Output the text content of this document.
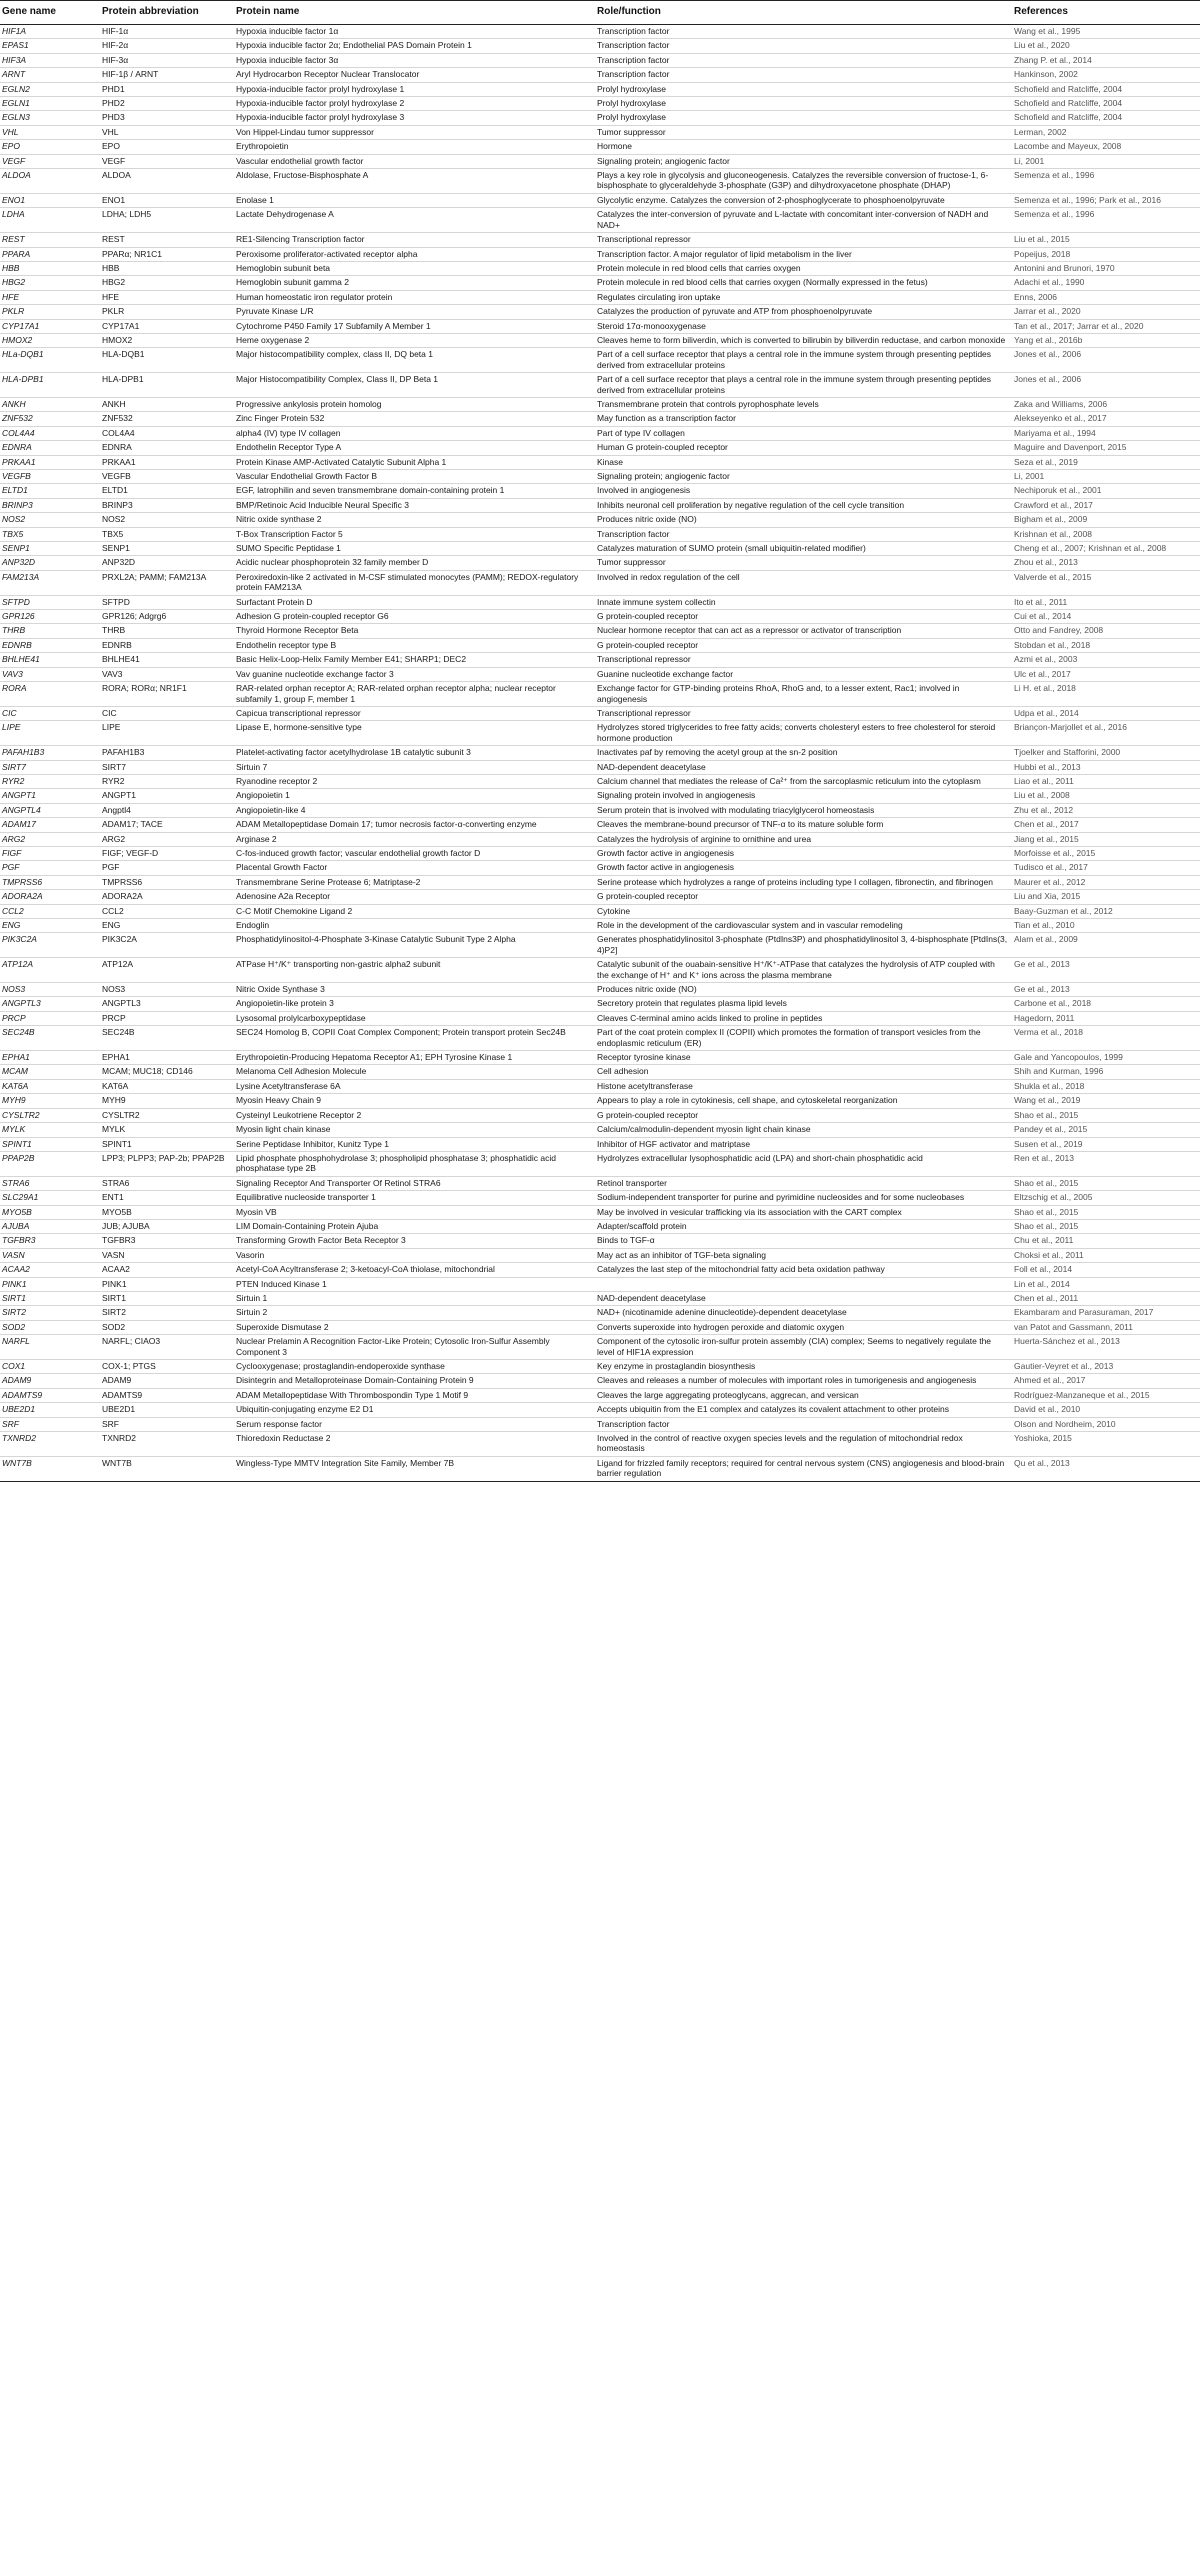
Gene name	Protein abbreviation	Protein name	Role/function	References
HIF1A	HIF-1α	Hypoxia inducible factor 1α	Transcription factor	Wang et al., 1995
EPAS1	HIF-2α	Hypoxia inducible factor 2α; Endothelial PAS Domain Protein 1	Transcription factor	Liu et al., 2020
HIF3A	HIF-3α	Hypoxia inducible factor 3α	Transcription factor	Zhang P. et al., 2014
ARNT	HIF-1β / ARNT	Aryl Hydrocarbon Receptor Nuclear Translocator	Transcription factor	Hankinson, 2002
EGLN2	PHD1	Hypoxia-inducible factor prolyl hydroxylase 1	Prolyl hydroxylase	Schofield and Ratcliffe, 2004
EGLN1	PHD2	Hypoxia-inducible factor prolyl hydroxylase 2	Prolyl hydroxylase	Schofield and Ratcliffe, 2004
EGLN3	PHD3	Hypoxia-inducible factor prolyl hydroxylase 3	Prolyl hydroxylase	Schofield and Ratcliffe, 2004
VHL	VHL	Von Hippel-Lindau tumor suppressor	Tumor suppressor	Lerman, 2002
EPO	EPO	Erythropoietin	Hormone	Lacombe and Mayeux, 2008
VEGF	VEGF	Vascular endothelial growth factor	Signaling protein; angiogenic factor	Li, 2001
ALDOA	ALDOA	Aldolase, Fructose-Bisphosphate A	Plays a key role in glycolysis and gluconeogenesis. Catalyzes the reversible conversion of fructose-1, 6-bisphosphate to glyceraldehyde 3-phosphate (G3P) and dihydroxyacetone phosphate (DHAP)	Semenza et al., 1996
ENO1	ENO1	Enolase 1	Glycolytic enzyme. Catalyzes the conversion of 2-phosphoglycerate to phosphoenolpyruvate	Semenza et al., 1996; Park et al., 2016
LDHA	LDHA; LDH5	Lactate Dehydrogenase A	Catalyzes the inter-conversion of pyruvate and L-lactate with concomitant inter-conversion of NADH and NAD+	Semenza et al., 1996
REST	REST	RE1-Silencing Transcription factor	Transcriptional repressor	Liu et al., 2015
PPARA	PPARα; NR1C1	Peroxisome proliferator-activated receptor alpha	Transcription factor. A major regulator of lipid metabolism in the liver	Popeijus, 2018
HBB	HBB	Hemoglobin subunit beta	Protein molecule in red blood cells that carries oxygen	Antonini and Brunori, 1970
HBG2	HBG2	Hemoglobin subunit gamma 2	Protein molecule in red blood cells that carries oxygen (Normally expressed in the fetus)	Adachi et al., 1990
HFE	HFE	Human homeostatic iron regulator protein	Regulates circulating iron uptake	Enns, 2006
PKLR	PKLR	Pyruvate Kinase L/R	Catalyzes the production of pyruvate and ATP from phosphoenolpyruvate	Jarrar et al., 2020
CYP17A1	CYP17A1	Cytochrome P450 Family 17 Subfamily A Member 1	Steroid 17α-monooxygenase	Tan et al., 2017; Jarrar et al., 2020
HMOX2	HMOX2	Heme oxygenase 2	Cleaves heme to form biliverdin, which is converted to bilirubin by biliverdin reductase, and carbon monoxide	Yang et al., 2016b
HLa-DQB1	HLA-DQB1	Major histocompatibility complex, class II, DQ beta 1	Part of a cell surface receptor that plays a central role in the immune system through presenting peptides derived from extracellular proteins	Jones et al., 2006
HLA-DPB1	HLA-DPB1	Major Histocompatibility Complex, Class II, DP Beta 1	Part of a cell surface receptor that plays a central role in the immune system through presenting peptides derived from extracellular proteins	Jones et al., 2006
ANKH	ANKH	Progressive ankylosis protein homolog	Transmembrane protein that controls pyrophosphate levels	Zaka and Williams, 2006
ZNF532	ZNF532	Zinc Finger Protein 532	May function as a transcription factor	Alekseyenko et al., 2017
COL4A4	COL4A4	alpha4 (IV) type IV collagen	Part of type IV collagen	Mariyama et al., 1994
EDNRA	EDNRA	Endothelin Receptor Type A	Human G protein-coupled receptor	Maguire and Davenport, 2015
PRKAA1	PRKAA1	Protein Kinase AMP-Activated Catalytic Subunit Alpha 1	Kinase	Seza et al., 2019
VEGFB	VEGFB	Vascular Endothelial Growth Factor B	Signaling protein; angiogenic factor	Li, 2001
ELTD1	ELTD1	EGF, latrophilin and seven transmembrane domain-containing protein 1	Involved in angiogenesis	Nechiporuk et al., 2001
BRINP3	BRINP3	BMP/Retinoic Acid Inducible Neural Specific 3	Inhibits neuronal cell proliferation by negative regulation of the cell cycle transition	Crawford et al., 2017
NOS2	NOS2	Nitric oxide synthase 2	Produces nitric oxide (NO)	Bigham et al., 2009
TBX5	TBX5	T-Box Transcription Factor 5	Transcription factor	Krishnan et al., 2008
SENP1	SENP1	SUMO Specific Peptidase 1	Catalyzes maturation of SUMO protein (small ubiquitin-related modifier)	Cheng et al., 2007; Krishnan et al., 2008
ANP32D	ANP32D	Acidic nuclear phosphoprotein 32 family member D	Tumor suppressor	Zhou et al., 2013
FAM213A	PRXL2A; PAMM; FAM213A	Peroxiredoxin-like 2 activated in M-CSF stimulated monocytes (PAMM); REDOX-regulatory protein FAM213A	Involved in redox regulation of the cell	Valverde et al., 2015
SFTPD	SFTPD	Surfactant Protein D	Innate immune system collectin	Ito et al., 2011
GPR126	GPR126; Adgrg6	Adhesion G protein-coupled receptor G6	G protein-coupled receptor	Cui et al., 2014
THRB	THRB	Thyroid Hormone Receptor Beta	Nuclear hormone receptor that can act as a repressor or activator of transcription	Otto and Fandrey, 2008
EDNRB	EDNRB	Endothelin receptor type B	G protein-coupled receptor	Stobdan et al., 2018
BHLHE41	BHLHE41	Basic Helix-Loop-Helix Family Member E41; SHARP1; DEC2	Transcriptional repressor	Azmi et al., 2003
VAV3	VAV3	Vav guanine nucleotide exchange factor 3	Guanine nucleotide exchange factor	Ulc et al., 2017
RORA	RORA; RORα; NR1F1	RAR-related orphan receptor A; RAR-related orphan receptor alpha; nuclear receptor subfamily 1, group F, member 1	Exchange factor for GTP-binding proteins RhoA, RhoG and, to a lesser extent, Rac1; involved in angiogenesis	Li H. et al., 2018
CIC	CIC	Capicua transcriptional repressor	Transcriptional repressor	Udpa et al., 2014
LIPE	LIPE	Lipase E, hormone-sensitive type	Hydrolyzes stored triglycerides to free fatty acids; converts cholesteryl esters to free cholesterol for steroid hormone production	Briançon-Marjollet et al., 2016
PAFAH1B3	PAFAH1B3	Platelet-activating factor acetylhydrolase 1B catalytic subunit 3	Inactivates paf by removing the acetyl group at the sn-2 position	Tjoelker and Stafforini, 2000
SIRT7	SIRT7	Sirtuin 7	NAD-dependent deacetylase	Hubbi et al., 2013
RYR2	RYR2	Ryanodine receptor 2	Calcium channel that mediates the release of Ca²⁺ from the sarcoplasmic reticulum into the cytoplasm	Liao et al., 2011
ANGPT1	ANGPT1	Angiopoietin 1	Signaling protein involved in angiogenesis	Liu et al., 2008
ANGPTL4	Angptl4	Angiopoietin-like 4	Serum protein that is involved with modulating triacylglycerol homeostasis	Zhu et al., 2012
ADAM17	ADAM17; TACE	ADAM Metallopeptidase Domain 17; tumor necrosis factor-α-converting enzyme	Cleaves the membrane-bound precursor of TNF-α to its mature soluble form	Chen et al., 2017
ARG2	ARG2	Arginase 2	Catalyzes the hydrolysis of arginine to ornithine and urea	Jiang et al., 2015
FIGF	FIGF; VEGF-D	C-fos-induced growth factor; vascular endothelial growth factor D	Growth factor active in angiogenesis	Morfoisse et al., 2015
PGF	PGF	Placental Growth Factor	Growth factor active in angiogenesis	Tudisco et al., 2017
TMPRSS6	TMPRSS6	Transmembrane Serine Protease 6; Matriptase-2	Serine protease which hydrolyzes a range of proteins including type I collagen, fibronectin, and fibrinogen	Maurer et al., 2012
ADORA2A	ADORA2A	Adenosine A2a Receptor	G protein-coupled receptor	Liu and Xia, 2015
CCL2	CCL2	C-C Motif Chemokine Ligand 2	Cytokine	Baay-Guzman et al., 2012
ENG	ENG	Endoglin	Role in the development of the cardiovascular system and in vascular remodeling	Tian et al., 2010
PIK3C2A	PIK3C2A	Phosphatidylinositol-4-Phosphate 3-Kinase Catalytic Subunit Type 2 Alpha	Generates phosphatidylinositol 3-phosphate (PtdIns3P) and phosphatidylinositol 3, 4-bisphosphate [PtdIns(3, 4)P2]	Alam et al., 2009
ATP12A	ATP12A	ATPase H⁺/K⁺ transporting non-gastric alpha2 subunit	Catalytic subunit of the ouabain-sensitive H⁺/K⁺-ATPase that catalyzes the hydrolysis of ATP coupled with the exchange of H⁺ and K⁺ ions across the plasma membrane	Ge et al., 2013
NOS3	NOS3	Nitric Oxide Synthase 3	Produces nitric oxide (NO)	Ge et al., 2013
ANGPTL3	ANGPTL3	Angiopoietin-like protein 3	Secretory protein that regulates plasma lipid levels	Carbone et al., 2018
PRCP	PRCP	Lysosomal prolylcarboxypeptidase	Cleaves C-terminal amino acids linked to proline in peptides	Hagedorn, 2011
SEC24B	SEC24B	SEC24 Homolog B, COPII Coat Complex Component; Protein transport protein Sec24B	Part of the coat protein complex II (COPII) which promotes the formation of transport vesicles from the endoplasmic reticulum (ER)	Verma et al., 2018
EPHA1	EPHA1	Erythropoietin-Producing Hepatoma Receptor A1; EPH Tyrosine Kinase 1	Receptor tyrosine kinase	Gale and Yancopoulos, 1999
MCAM	MCAM; MUC18; CD146	Melanoma Cell Adhesion Molecule	Cell adhesion	Shih and Kurman, 1996
KAT6A	KAT6A	Lysine Acetyltransferase 6A	Histone acetyltransferase	Shukla et al., 2018
MYH9	MYH9	Myosin Heavy Chain 9	Appears to play a role in cytokinesis, cell shape, and cytoskeletal reorganization	Wang et al., 2019
CYSLTR2	CYSLTR2	Cysteinyl Leukotriene Receptor 2	G protein-coupled receptor	Shao et al., 2015
MYLK	MYLK	Myosin light chain kinase	Calcium/calmodulin-dependent myosin light chain kinase	Pandey et al., 2015
SPINT1	SPINT1	Serine Peptidase Inhibitor, Kunitz Type 1	Inhibitor of HGF activator and matriptase	Susen et al., 2019
PPAP2B	LPP3; PLPP3; PAP-2b; PPAP2B	Lipid phosphate phosphohydrolase 3; phospholipid phosphatase 3; phosphatidic acid phosphatase type 2B	Hydrolyzes extracellular lysophosphatidic acid (LPA) and short-chain phosphatidic acid	Ren et al., 2013
STRA6	STRA6	Signaling Receptor And Transporter Of Retinol STRA6	Retinol transporter	Shao et al., 2015
SLC29A1	ENT1	Equilibrative nucleoside transporter 1	Sodium-independent transporter for purine and pyrimidine nucleosides and for some nucleobases	Eltzschig et al., 2005
MYO5B	MYO5B	Myosin VB	May be involved in vesicular trafficking via its association with the CART complex	Shao et al., 2015
AJUBA	JUB; AJUBA	LIM Domain-Containing Protein Ajuba	Adapter/scaffold protein	Shao et al., 2015
TGFBR3	TGFBR3	Transforming Growth Factor Beta Receptor 3	Binds to TGF-α	Chu et al., 2011
VASN	VASN	Vasorin	May act as an inhibitor of TGF-beta signaling	Choksi et al., 2011
ACAA2	ACAA2	Acetyl-CoA Acyltransferase 2; 3-ketoacyl-CoA thiolase, mitochondrial	Catalyzes the last step of the mitochondrial fatty acid beta oxidation pathway	Foll et al., 2014
PINK1	PINK1	PTEN Induced Kinase 1		Lin et al., 2014
SIRT1	SIRT1	Sirtuin 1	NAD-dependent deacetylase	Chen et al., 2011
SIRT2	SIRT2	Sirtuin 2	NAD+ (nicotinamide adenine dinucleotide)-dependent deacetylase	Ekambaram and Parasuraman, 2017
SOD2	SOD2	Superoxide Dismutase 2	Converts superoxide into hydrogen peroxide and diatomic oxygen	van Patot and Gassmann, 2011
NARFL	NARFL; CIAO3	Nuclear Prelamin A Recognition Factor-Like Protein; Cytosolic Iron-Sulfur Assembly Component 3	Component of the cytosolic iron-sulfur protein assembly (CIA) complex; Seems to negatively regulate the level of HIF1A expression	Huerta-Sánchez et al., 2013
COX1	COX-1; PTGS	Cyclooxygenase; prostaglandin-endoperoxide synthase	Key enzyme in prostaglandin biosynthesis	Gautier-Veyret et al., 2013
ADAM9	ADAM9	Disintegrin and Metalloproteinase Domain-Containing Protein 9	Cleaves and releases a number of molecules with important roles in tumorigenesis and angiogenesis	Ahmed et al., 2017
ADAMTS9	ADAMTS9	ADAM Metallopeptidase With Thrombospondin Type 1 Motif 9	Cleaves the large aggregating proteoglycans, aggrecan, and versican	Rodríguez-Manzaneque et al., 2015
UBE2D1	UBE2D1	Ubiquitin-conjugating enzyme E2 D1	Accepts ubiquitin from the E1 complex and catalyzes its covalent attachment to other proteins	David et al., 2010
SRF	SRF	Serum response factor	Transcription factor	Olson and Nordheim, 2010
TXNRD2	TXNRD2	Thioredoxin Reductase 2	Involved in the control of reactive oxygen species levels and the regulation of mitochondrial redox homeostasis	Yoshioka, 2015
WNT7B	WNT7B	Wingless-Type MMTV Integration Site Family, Member 7B	Ligand for frizzled family receptors; required for central nervous system (CNS) angiogenesis and blood-brain barrier regulation	Qu et al., 2013
